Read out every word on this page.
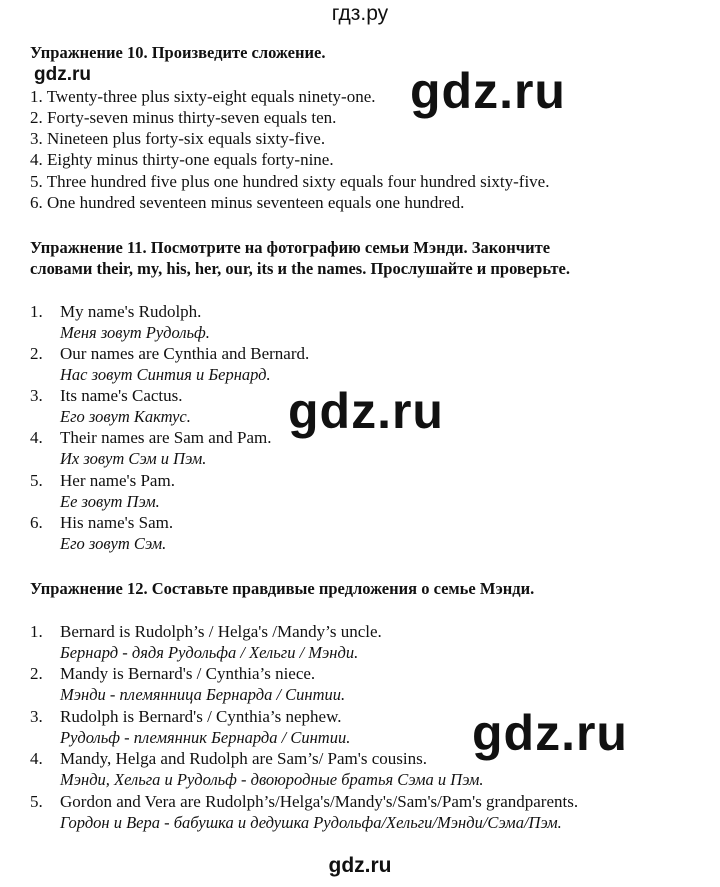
гдз.ру
Упражнение 10. Произведите сложение.
gdz.ru	gdz.ru
1. Twenty-three plus sixty-eight equals ninety-one.
2. Forty-seven minus thirty-seven equals ten.
3. Nineteen plus forty-six equals sixty-five.
4. Eighty minus thirty-one equals forty-nine.
5. Three hundred five plus one hundred sixty equals four hundred sixty-five.
6. One hundred seventeen minus seventeen equals one hundred.
Упражнение 11. Посмотрите на фотографию семьи Мэнди. Закончите
словами their, my, his, her, our, its и the names. Прослушайте и проверьте.
1. My name's Rudolph.
Меня зовут Рудольф.
2. Our names are Cynthia and Bernard.
Нас зовут Синтия и Бернард.
3. Its name's Cactus.
Его зовут Кактус. gdz.ru
4. Their names are Sam and Pam.
Их зовут Сэм и Пэм.
5. Her name's Pam.
Ее зовут Пэм.
6. His name's Sam.
Его зовут Сэм.
Упражнение 12. Составьте правдивые предложения о семье Мэнди.
1. Bernard is Rudolph’s / Helga's /Mandy’s uncle.
Бернард - дядя Рудольфа / Хельги / Мэнди.
2. Mandy is Bernard's / Cynthia’s niece.
Мэнди - племянница Бернарда / Синтии.
3. Rudolph is Bernard's / Cynthia’s nephew.
Рудольф - племянник Бернарда / Синтии. gdz.ru
4. Mandy, Helga and Rudolph are Sam’s/ Pam's cousins.
Мэнди, Хельга и Рудольф - двоюродные братья Сэма и Пэм.
5. Gordon and Vera are Rudolph’s/Helga's/Mandy's/Sam's/Pam's grandparents.
Гордон и Вера - бабушка и дедушка Рудольфа/Хельги/Мэнди/Сэма/Пэм.
gdz.ru
